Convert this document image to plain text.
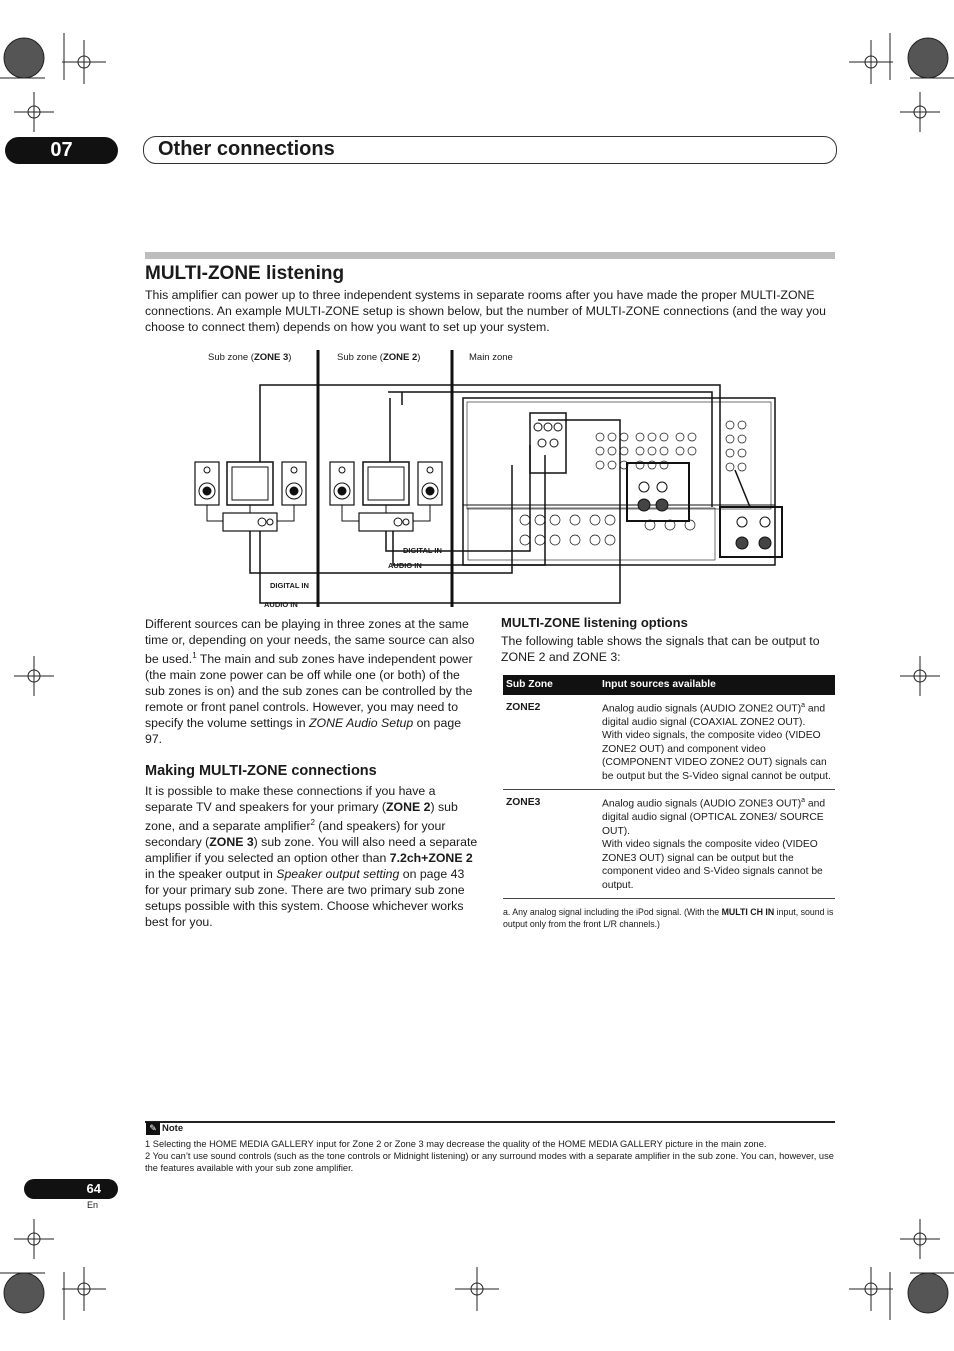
07	Other connections
MULTI-ZONE listening
This amplifier can power up to three independent systems in separate rooms after you have made the proper MULTI-ZONE connections. An example MULTI-ZONE setup is shown below, but the number of MULTI-ZONE connections (and the way you choose to connect them) depends on how you want to set up your system.
Sub zone (ZONE 3)	Sub zone (ZONE 2)	Main zone
DIGITAL IN
AUDIO IN
DIGITAL IN
AUDIO IN

Different sources can be playing in three zones at the same time or, depending on your needs, the same source can also be used.$^1$ The main and sub zones have independent power (the main zone power can be off while one (or both) of the sub zones is on) and the sub zones can be controlled by the remote or front panel controls. However, you may need to specify the volume settings in ZONE Audio Setup on page 97.

Making MULTI-ZONE connections

It is possible to make these connections if you have a separate TV and speakers for your primary (ZONE 2) sub zone, and a separate amplifier$^2$ (and speakers) for your secondary (ZONE 3) sub zone. You will also need a separate amplifier if you selected an option other than 7.2ch+ZONE 2 in the speaker output in Speaker output setting on page 43 for your primary sub zone. There are two primary sub zone setups possible with this system. Choose whichever works best for you.

MULTI-ZONE listening options

The following table shows the signals that can be output to ZONE 2 and ZONE 3:

Sub Zone	Input sources available
ZONE2	Analog audio signals (AUDIO ZONE2 OUT)$^a$ and digital audio signal (COAXIAL ZONE2 OUT).
With video signals, the composite video (VIDEO ZONE2 OUT) and component video (COMPONENT VIDEO ZONE2 OUT) signals can be output but the S-Video signal cannot be output.
ZONE3	Analog audio signals (AUDIO ZONE3 OUT)$^a$ and digital audio signal (OPTICAL ZONE3/ SOURCE OUT).
With video signals the composite video (VIDEO ZONE3 OUT) signal can be output but the component video and S-Video signals cannot be output.
a. Any analog signal including the iPod signal. (With the MULTI CH IN input, sound is output only from the front L/R channels.)
✎ Note

1 Selecting the HOME MEDIA GALLERY input for Zone 2 or Zone 3 may decrease the quality of the HOME MEDIA GALLERY picture in the main zone.

2 You can’t use sound controls (such as the tone controls or Midnight listening) or any surround modes with a separate amplifier in the sub zone. You can, however, use the features available with your sub zone amplifier.

64
En
